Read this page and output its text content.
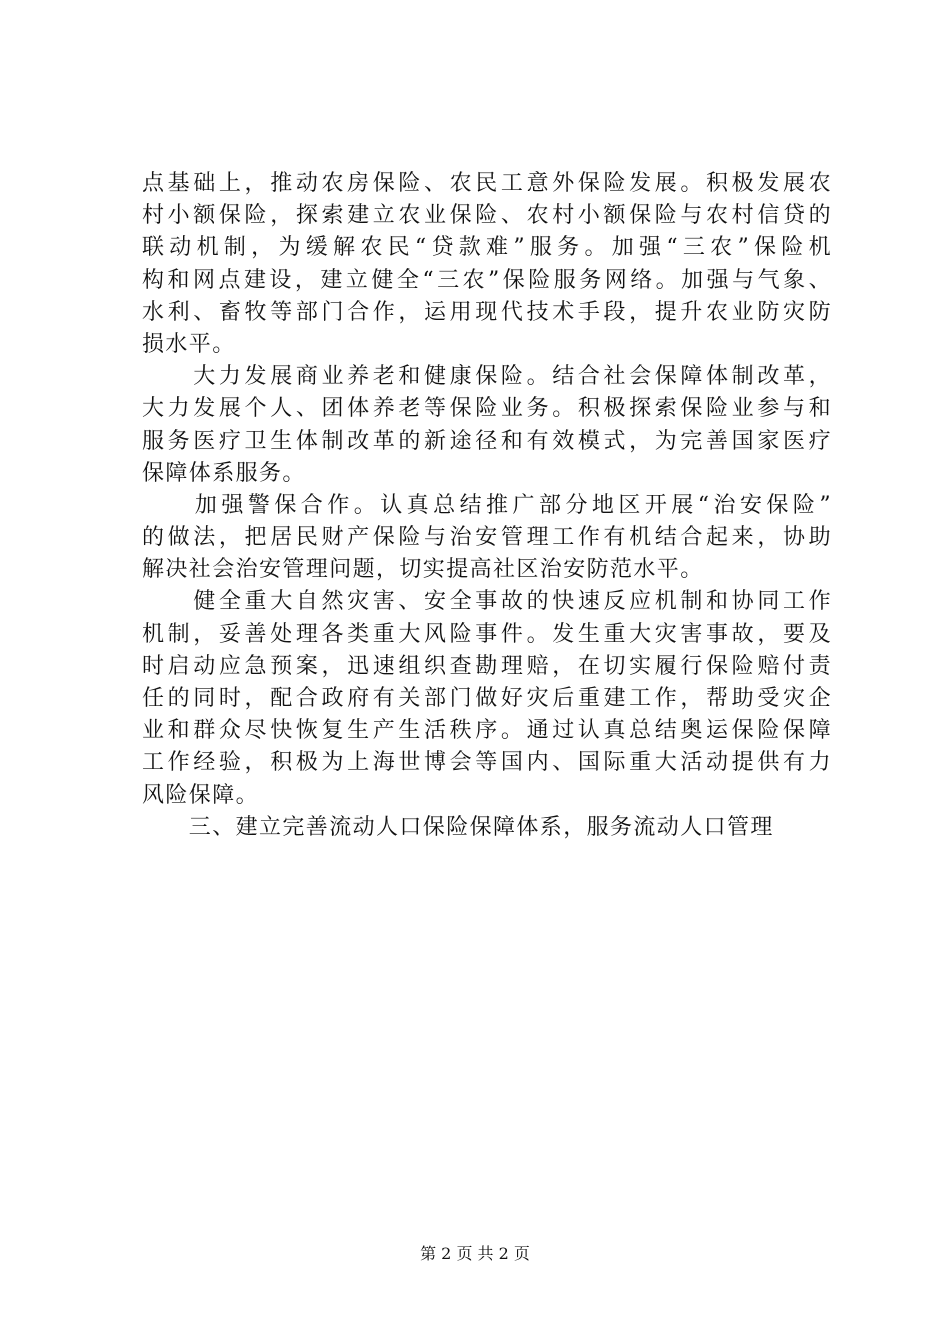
点基础上，推动农房保险、农民工意外保险发展。积极发展农
村小额保险，探索建立农业保险、农村小额保险与农村信贷的
联动机制，为缓解农民“贷款难”服务。加强“三农”保险机
构和网点建设，建立健全“三农”保险服务网络。加强与气象、
水利、畜牧等部门合作，运用现代技术手段，提升农业防灾防
损水平。
　　大力发展商业养老和健康保险。结合社会保障体制改革，
大力发展个人、团体养老等保险业务。积极探索保险业参与和
服务医疗卫生体制改革的新途径和有效模式，为完善国家医疗
保障体系服务。
　　加强警保合作。认真总结推广部分地区开展“治安保险”
的做法，把居民财产保险与治安管理工作有机结合起来，协助
解决社会治安管理问题，切实提高社区治安防范水平。
　　健全重大自然灾害、安全事故的快速反应机制和协同工作
机制，妥善处理各类重大风险事件。发生重大灾害事故，要及
时启动应急预案，迅速组织查勘理赔，在切实履行保险赔付责
任的同时，配合政府有关部门做好灾后重建工作，帮助受灾企
业和群众尽快恢复生产生活秩序。通过认真总结奥运保险保障
工作经验，积极为上海世博会等国内、国际重大活动提供有力
风险保障。
　　三、建立完善流动人口保险保障体系，服务流动人口管理
第 2 页 共 2 页
